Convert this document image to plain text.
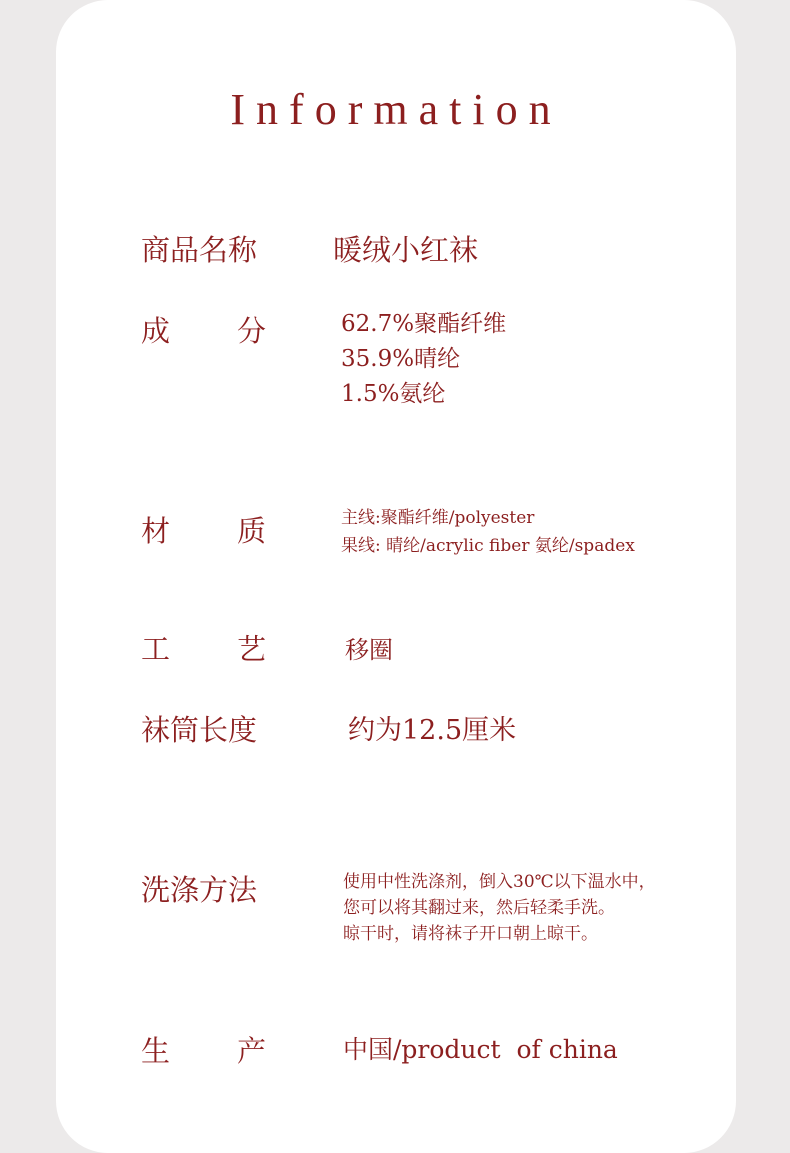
Information
商品名称	暖绒小红袜
成 分	62.7%聚酯纤维
35.9%晴纶
1.5%氨纶
材 质	主线:聚酯纤维/polyester
果线: 晴纶/acrylic fiber 氨纶/spadex
工 艺	移圈
袜筒长度	约为12.5厘米
洗涤方法	使用中性洗涤剂，倒入30℃以下温水中，
您可以将其翻过来，然后轻柔手洗。
晾干时，请将袜子开口朝上晾干。
生 产	中国/product  of china
